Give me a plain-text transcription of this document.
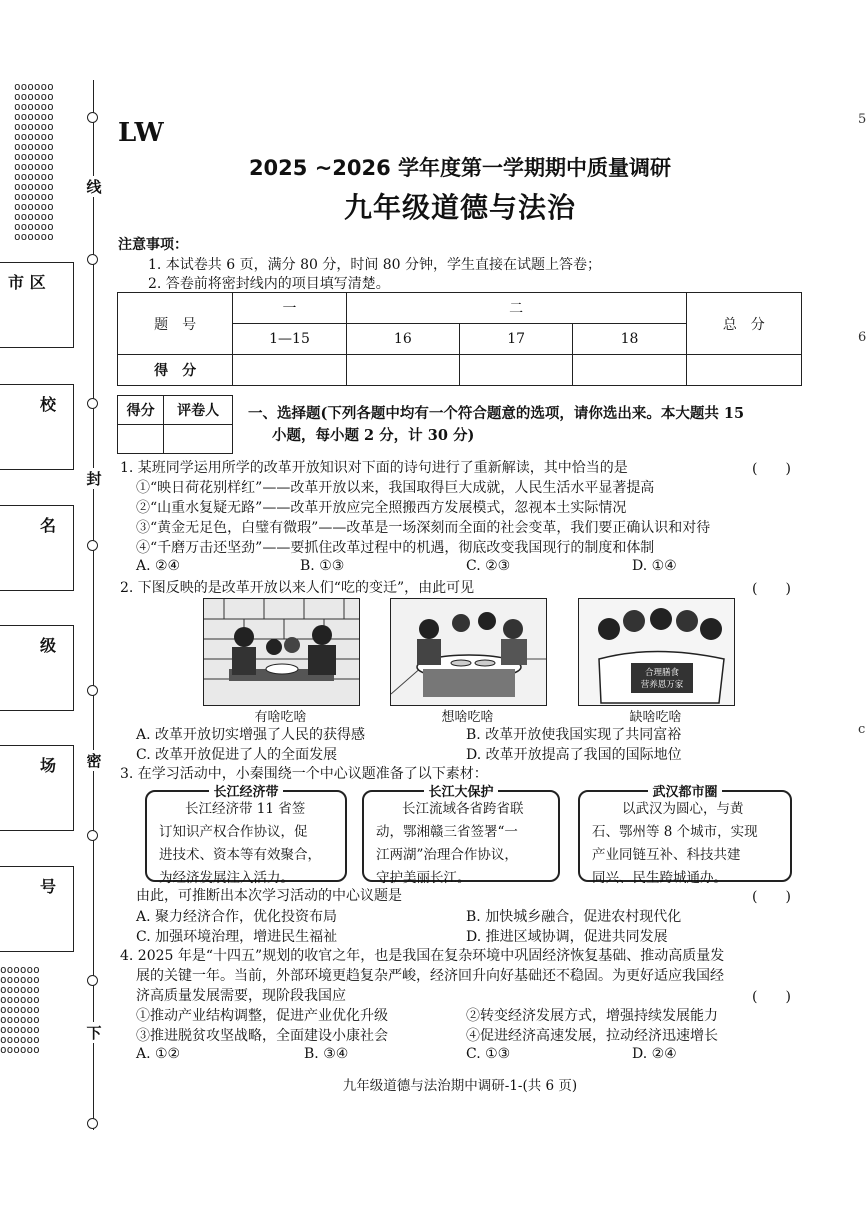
oooooo
oooooo
oooooo
oooooo
oooooo
oooooo
oooooo
oooooo
oooooo
oooooo
oooooo
oooooo
oooooo
oooooo
oooooo
oooooo
oooooo
oooooo
oooooo
oooooo
oooooo
oooooo
oooooo
oooooo
oooooo
线
封
密
下
市 区
校
名
级
场
号
5
6
c
LW
2025 ~2026 学年度第一学期期中质量调研
九年级道德与法治
注意事项：
1. 本试卷共 6 页，满分 80 分，时间 80 分钟，学生直接在试题上答卷；
2. 答卷前将密封线内的项目填写清楚。
题　号	一	二			总　分
	1—15	16	17	18	
得　分					
得分	评卷人
	一、选择题(下列各题中均有一个符合题意的选项，请你选出来。本大题共 15
小题，每小题 2 分，计 30 分)
1. 某班同学运用所学的改革开放知识对下面的诗句进行了重新解读，其中恰当的是	(　　)
①“映日荷花别样红”——改革开放以来，我国取得巨大成就，人民生活水平显著提高
②“山重水复疑无路”——改革开放应完全照搬西方发展模式，忽视本土实际情况
③“黄金无足色，白璧有微瑕”——改革是一场深刻而全面的社会变革，我们要正确认识和对待
④“千磨万击还坚劲”——要抓住改革过程中的机遇，彻底改变我国现行的制度和体制
A. ②④	B. ①③	C. ②③	D. ①④
2. 下图反映的是改革开放以来人们“吃的变迁”，由此可见	(　　)
合理膳食
营养恩万家
有啥吃啥	想啥吃啥	缺啥吃啥
A. 改革开放切实增强了人民的获得感	B. 改革开放使我国实现了共同富裕
C. 改革开放促进了人的全面发展	D. 改革开放提高了我国的国际地位
3. 在学习活动中，小秦围绕一个中心议题准备了以下素材：
长江经济带
长江经济带 11 省签
订知识产权合作协议，促
进技术、资本等有效聚合，
为经济发展注入活力。
长江大保护
长江流域各省跨省联
动，鄂湘赣三省签署“一
江两湖”治理合作协议，
守护美丽长江。
武汉都市圈
以武汉为圆心，与黄
石、鄂州等 8 个城市，实现
产业同链互补、科技共建
同兴、民生跨城通办。
由此，可推断出本次学习活动的中心议题是	(　　)
A. 聚力经济合作，优化投资布局	B. 加快城乡融合，促进农村现代化
C. 加强环境治理，增进民生福祉	D. 推进区域协调，促进共同发展
4. 2025 年是“十四五”规划的收官之年，也是我国在复杂环境中巩固经济恢复基础、推动高质量发
展的关键一年。当前，外部环境更趋复杂严峻，经济回升向好基础还不稳固。为更好适应我国经
济高质量发展需要，现阶段我国应	(　　)
①推动产业结构调整，促进产业优化升级	②转变经济发展方式，增强持续发展能力
③推进脱贫攻坚战略，全面建设小康社会	④促进经济高速发展，拉动经济迅速增长
A. ①②	B. ③④	C. ①③	D. ②④
九年级道德与法治期中调研-1-(共 6 页)
